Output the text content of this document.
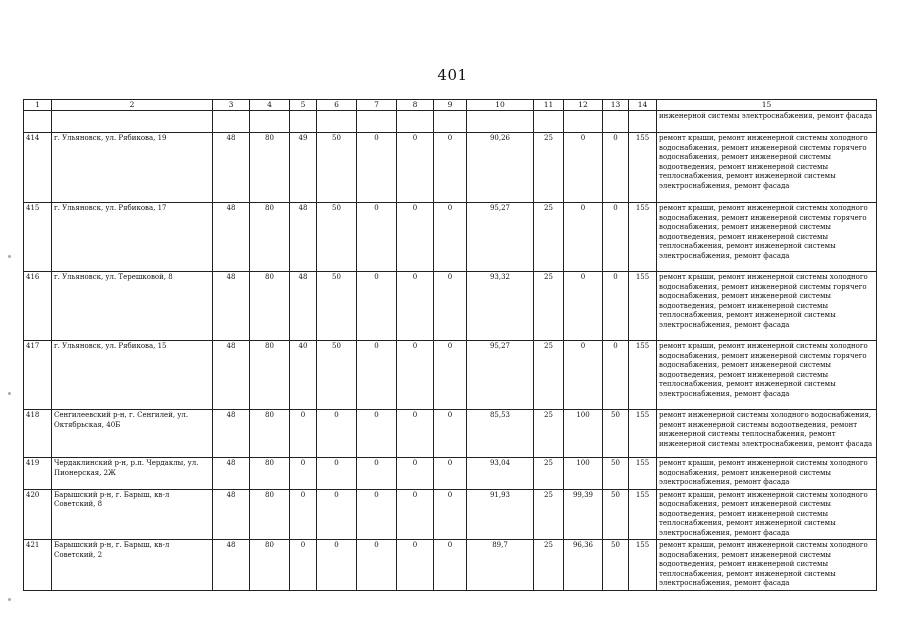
401
1	2	3	4	5	6	7	8	9	10	11	12	13	14	15
														инженерной системы электроснабжения, ремонт фасада
414	г. Ульяновск, ул. Рябикова, 19	48	80	49	50	0	0	0	90,26	25	0	0	155	ремонт крыши, ремонт инженерной системы холодного водоснабжения, ремонт инженерной системы горячего водоснабжения, ремонт инженерной системы водоотведения, ремонт инженерной системы теплоснабжения, ремонт инженерной системы электроснабжения, ремонт фасада
415	г. Ульяновск, ул. Рябикова, 17	48	80	48	50	0	0	0	95,27	25	0	0	155	ремонт крыши, ремонт инженерной системы холодного водоснабжения, ремонт инженерной системы горячего водоснабжения, ремонт инженерной системы водоотведения, ремонт инженерной системы теплоснабжения, ремонт инженерной системы электроснабжения, ремонт фасада
416	г. Ульяновск, ул. Терешковой, 8	48	80	48	50	0	0	0	93,32	25	0	0	155	ремонт крыши, ремонт инженерной системы холодного водоснабжения, ремонт инженерной системы горячего водоснабжения, ремонт инженерной системы водоотведения, ремонт инженерной системы теплоснабжения, ремонт инженерной системы электроснабжения, ремонт фасада
417	г. Ульяновск, ул. Рябикова, 15	48	80	40	50	0	0	0	95,27	25	0	0	155	ремонт крыши, ремонт инженерной системы холодного водоснабжения, ремонт инженерной системы горячего водоснабжения, ремонт инженерной системы водоотведения, ремонт инженерной системы теплоснабжения, ремонт инженерной системы электроснабжения, ремонт фасада
418	Сенгилеевский р-н, г. Сенгилей, ул. Октябрьская, 40Б	48	80	0	0	0	0	0	85,53	25	100	50	155	ремонт инженерной системы холодного водоснабжения, ремонт инженерной системы водоотведения, ремонт инженерной системы теплоснабжения, ремонт инженерной системы электроснабжения, ремонт фасада
419	Чердаклинский р-н, р.п. Чердаклы, ул. Пионерская, 2Ж	48	80	0	0	0	0	0	93,04	25	100	50	155	ремонт крыши, ремонт инженерной системы холодного водоснабжения, ремонт инженерной системы электроснабжения, ремонт фасада
420	Барышский р-н, г. Барыш, кв-л Советский, 8	48	80	0	0	0	0	0	91,93	25	99,39	50	155	ремонт крыши, ремонт инженерной системы холодного водоснабжения, ремонт инженерной системы водоотведения, ремонт инженерной системы теплоснабжения, ремонт инженерной системы электроснабжения, ремонт фасада
421	Барышский р-н, г. Барыш, кв-л Советский, 2	48	80	0	0	0	0	0	89,7	25	96,36	50	155	ремонт крыши, ремонт инженерной системы холодного водоснабжения, ремонт инженерной системы водоотведения, ремонт инженерной системы теплоснабжения, ремонт инженерной системы электроснабжения, ремонт фасада
